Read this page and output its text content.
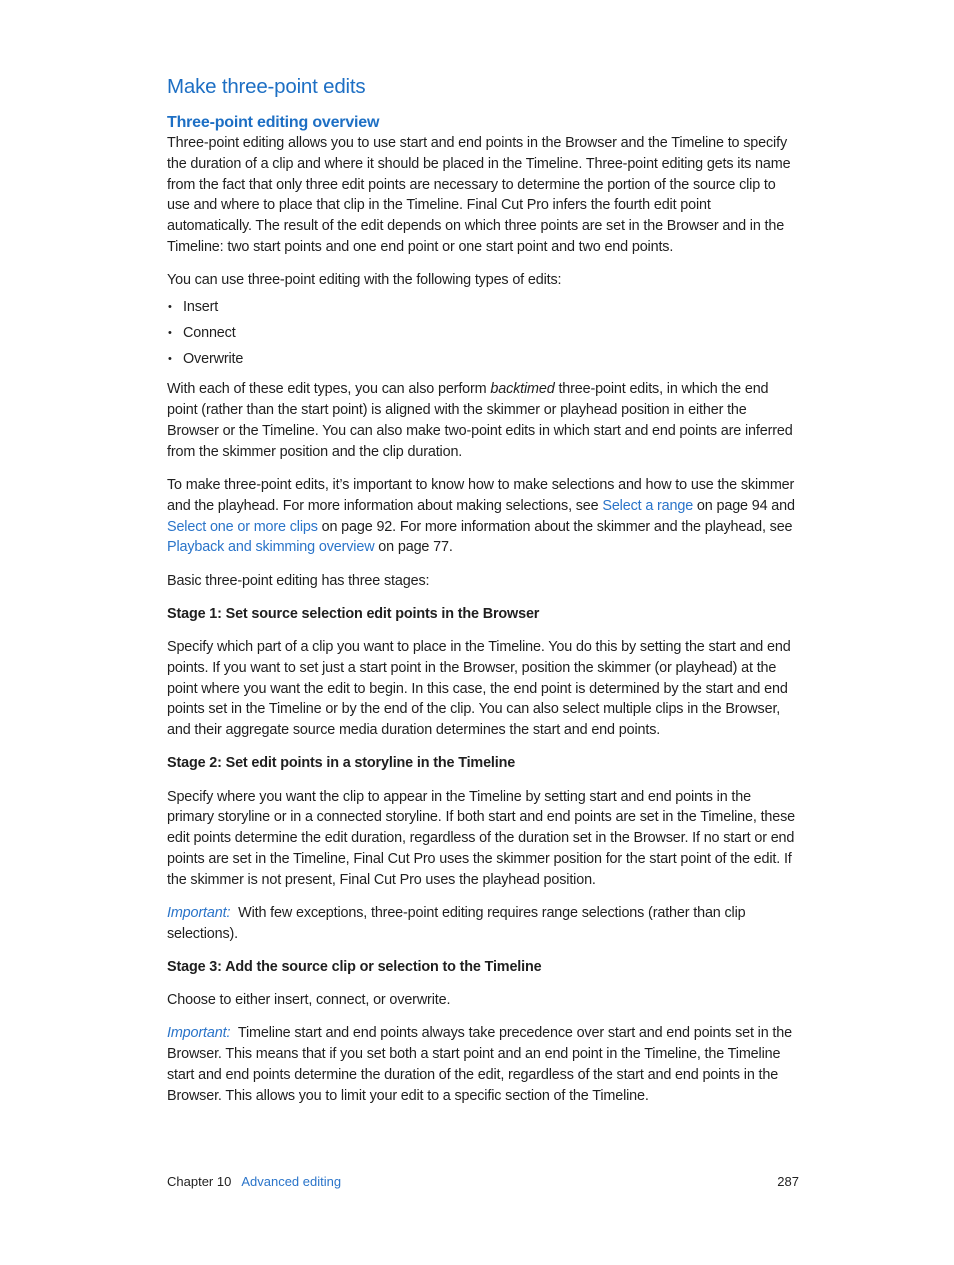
Make three-point edits
Three-point editing overview

Three-point editing allows you to use start and end points in the Browser and the Timeline to specify the duration of a clip and where it should be placed in the Timeline. Three-point editing gets its name from the fact that only three edit points are necessary to determine the portion of the source clip to use and where to place that clip in the Timeline. Final Cut Pro infers the fourth edit point automatically. The result of the edit depends on which three points are set in the Browser and in the Timeline: two start points and one end point or one start point and two end points.

You can use three-point editing with the following types of edits:

• Insert
• Connect
• Overwrite

With each of these edit types, you can also perform backtimed three-point edits, in which the end point (rather than the start point) is aligned with the skimmer or playhead position in either the Browser or the Timeline. You can also make two-point edits in which start and end points are inferred from the skimmer position and the clip duration.

To make three-point edits, it’s important to know how to make selections and how to use the skimmer and the playhead. For more information about making selections, see Select a range on page 94 and Select one or more clips on page 92. For more information about the skimmer and the playhead, see Playback and skimming overview on page 77.

Basic three-point editing has three stages:

Stage 1: Set source selection edit points in the Browser

Specify which part of a clip you want to place in the Timeline. You do this by setting the start and end points. If you want to set just a start point in the Browser, position the skimmer (or playhead) at the point where you want the edit to begin. In this case, the end point is determined by the start and end points set in the Timeline or by the end of the clip. You can also select multiple clips in the Browser, and their aggregate source media duration determines the start and end points.

Stage 2: Set edit points in a storyline in the Timeline

Specify where you want the clip to appear in the Timeline by setting start and end points in the primary storyline or in a connected storyline. If both start and end points are set in the Timeline, these edit points determine the edit duration, regardless of the duration set in the Browser. If no start or end points are set in the Timeline, Final Cut Pro uses the skimmer position for the start point of the edit. If the skimmer is not present, Final Cut Pro uses the playhead position.

Important: With few exceptions, three-point editing requires range selections (rather than clip selections).

Stage 3: Add the source clip or selection to the Timeline

Choose to either insert, connect, or overwrite.

Important: Timeline start and end points always take precedence over start and end points set in the Browser. This means that if you set both a start point and an end point in the Timeline, the Timeline start and end points determine the duration of the edit, regardless of the start and end points in the Browser. This allows you to limit your edit to a specific section of the Timeline.

Chapter 10 Advanced editing	287
